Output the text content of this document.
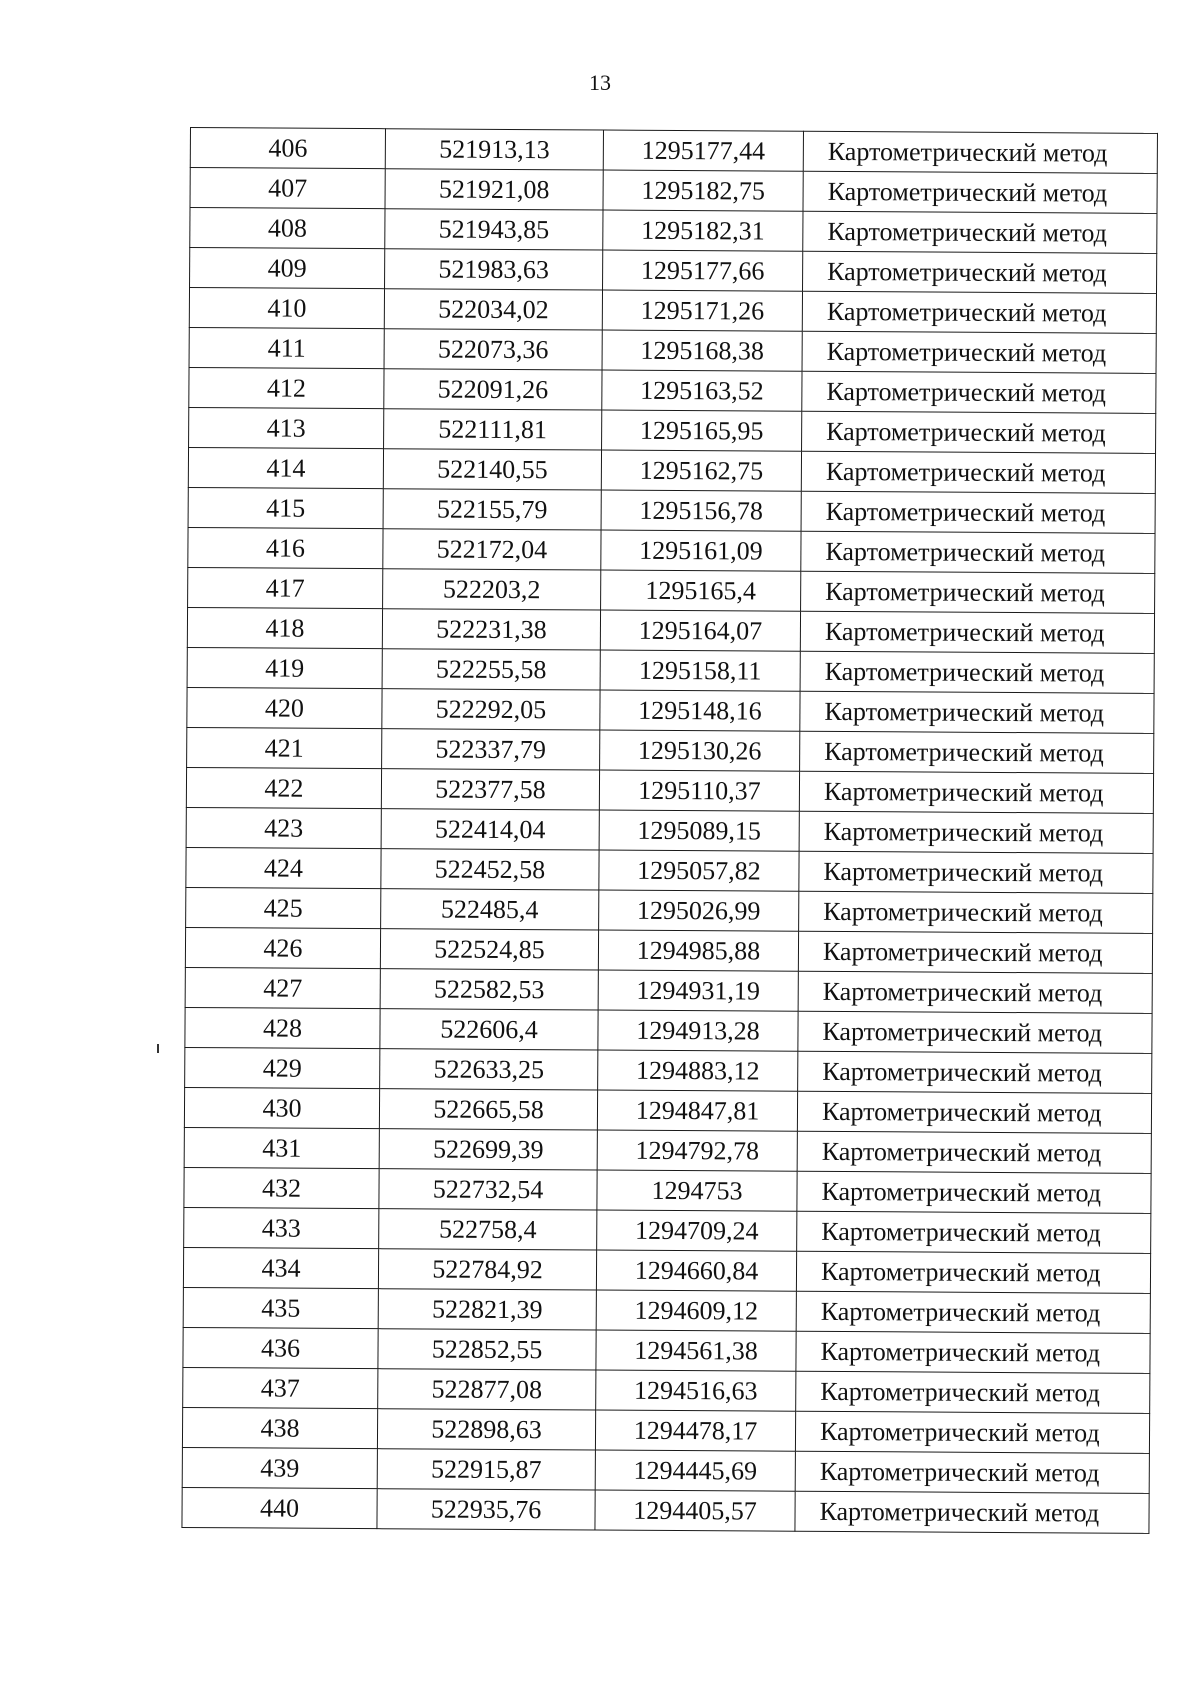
13
406	521913,13	1295177,44	Картометрический метод
407	521921,08	1295182,75	Картометрический метод
408	521943,85	1295182,31	Картометрический метод
409	521983,63	1295177,66	Картометрический метод
410	522034,02	1295171,26	Картометрический метод
411	522073,36	1295168,38	Картометрический метод
412	522091,26	1295163,52	Картометрический метод
413	522111,81	1295165,95	Картометрический метод
414	522140,55	1295162,75	Картометрический метод
415	522155,79	1295156,78	Картометрический метод
416	522172,04	1295161,09	Картометрический метод
417	522203,2	1295165,4	Картометрический метод
418	522231,38	1295164,07	Картометрический метод
419	522255,58	1295158,11	Картометрический метод
420	522292,05	1295148,16	Картометрический метод
421	522337,79	1295130,26	Картометрический метод
422	522377,58	1295110,37	Картометрический метод
423	522414,04	1295089,15	Картометрический метод
424	522452,58	1295057,82	Картометрический метод
425	522485,4	1295026,99	Картометрический метод
426	522524,85	1294985,88	Картометрический метод
427	522582,53	1294931,19	Картометрический метод
428	522606,4	1294913,28	Картометрический метод
429	522633,25	1294883,12	Картометрический метод
430	522665,58	1294847,81	Картометрический метод
431	522699,39	1294792,78	Картометрический метод
432	522732,54	1294753	Картометрический метод
433	522758,4	1294709,24	Картометрический метод
434	522784,92	1294660,84	Картометрический метод
435	522821,39	1294609,12	Картометрический метод
436	522852,55	1294561,38	Картометрический метод
437	522877,08	1294516,63	Картометрический метод
438	522898,63	1294478,17	Картометрический метод
439	522915,87	1294445,69	Картометрический метод
440	522935,76	1294405,57	Картометрический метод
